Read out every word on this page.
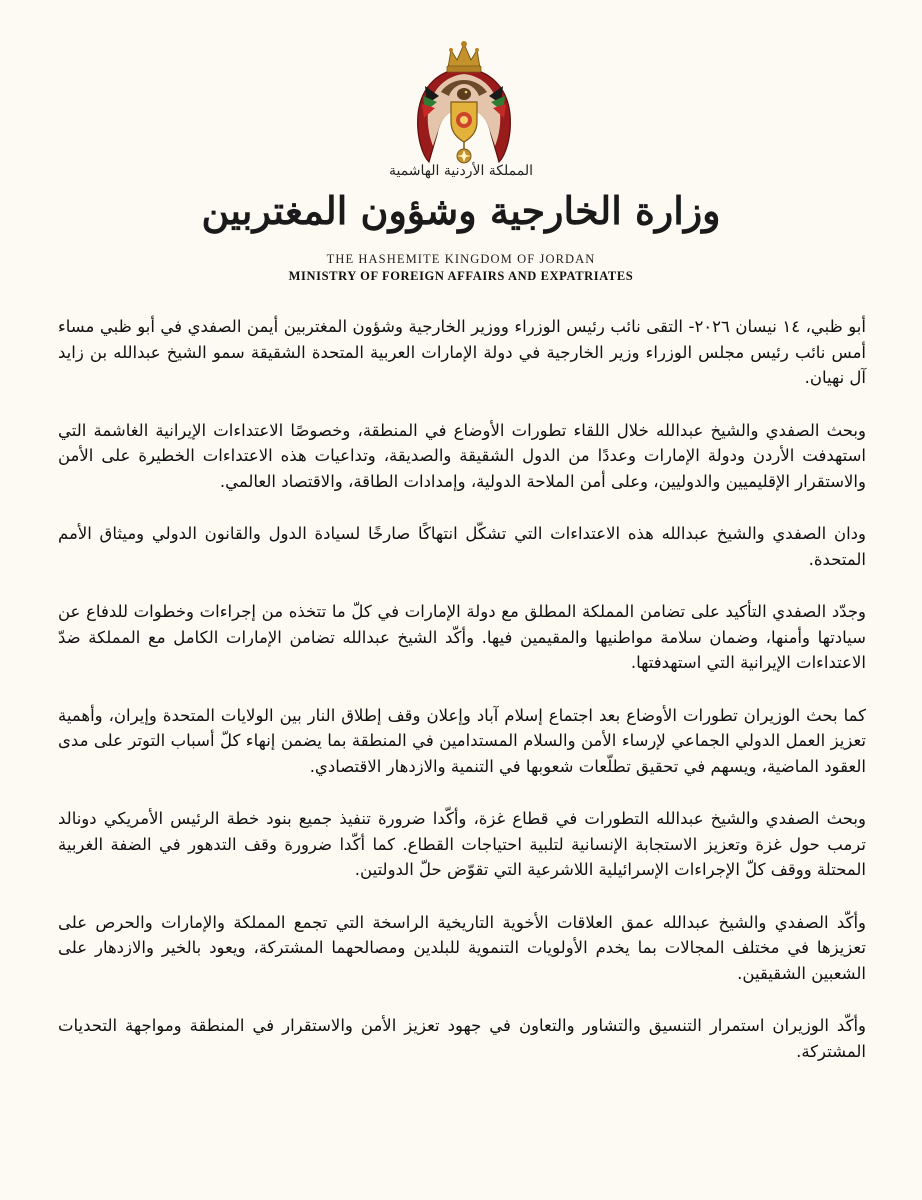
المملكة الأردنية الهاشمية
وزارة الخارجية وشؤون المغتربين
THE HASHEMITE KINGDOM OF JORDAN
MINISTRY OF FOREIGN AFFAIRS AND EXPATRIATES

أبو ظبي، ١٤ نيسان ٢٠٢٦- التقى نائب رئيس الوزراء ووزير الخارجية وشؤون المغتربين أيمن الصفدي في أبو ظبي مساء أمس نائب رئيس مجلس الوزراء وزير الخارجية في دولة الإمارات العربية المتحدة الشقيقة سمو الشيخ عبدالله بن زايد آل نهيان.

وبحث الصفدي والشيخ عبدالله خلال اللقاء تطورات الأوضاع في المنطقة، وخصوصًا الاعتداءات الإيرانية الغاشمة التي استهدفت الأردن ودولة الإمارات وعددًا من الدول الشقيقة والصديقة، وتداعيات هذه الاعتداءات الخطيرة على الأمن والاستقرار الإقليميين والدوليين، وعلى أمن الملاحة الدولية، وإمدادات الطاقة، والاقتصاد العالمي.

ودان الصفدي والشيخ عبدالله هذه الاعتداءات التي تشكّل انتهاكًا صارخًا لسيادة الدول والقانون الدولي وميثاق الأمم المتحدة.

وجدّد الصفدي التأكيد على تضامن المملكة المطلق مع دولة الإمارات في كلّ ما تتخذه من إجراءات وخطوات للدفاع عن سيادتها وأمنها، وضمان سلامة مواطنيها والمقيمين فيها. وأكّد الشيخ عبدالله تضامن الإمارات الكامل مع المملكة ضدّ الاعتداءات الإيرانية التي استهدفتها.

كما بحث الوزيران تطورات الأوضاع بعد اجتماع إسلام آباد وإعلان وقف إطلاق النار بين الولايات المتحدة وإيران، وأهمية تعزيز العمل الدولي الجماعي لإرساء الأمن والسلام المستدامين في المنطقة بما يضمن إنهاء كلّ أسباب التوتر على مدى العقود الماضية، ويسهم في تحقيق تطلّعات شعوبها في التنمية والازدهار الاقتصادي.

وبحث الصفدي والشيخ عبدالله التطورات في قطاع غزة، وأكّدا ضرورة تنفيذ جميع بنود خطة الرئيس الأمريكي دونالد ترمب حول غزة وتعزيز الاستجابة الإنسانية لتلبية احتياجات القطاع. كما أكّدا ضرورة وقف التدهور في الضفة الغربية المحتلة ووقف كلّ الإجراءات الإسرائيلية اللاشرعية التي تقوّض حلّ الدولتين.

وأكّد الصفدي والشيخ عبدالله عمق العلاقات الأخوية التاريخية الراسخة التي تجمع المملكة والإمارات والحرص على تعزيزها في مختلف المجالات بما يخدم الأولويات التنموية للبلدين ومصالحهما المشتركة، ويعود بالخير والازدهار على الشعبين الشقيقين.

وأكّد الوزيران استمرار التنسيق والتشاور والتعاون في جهود تعزيز الأمن والاستقرار في المنطقة ومواجهة التحديات المشتركة.
